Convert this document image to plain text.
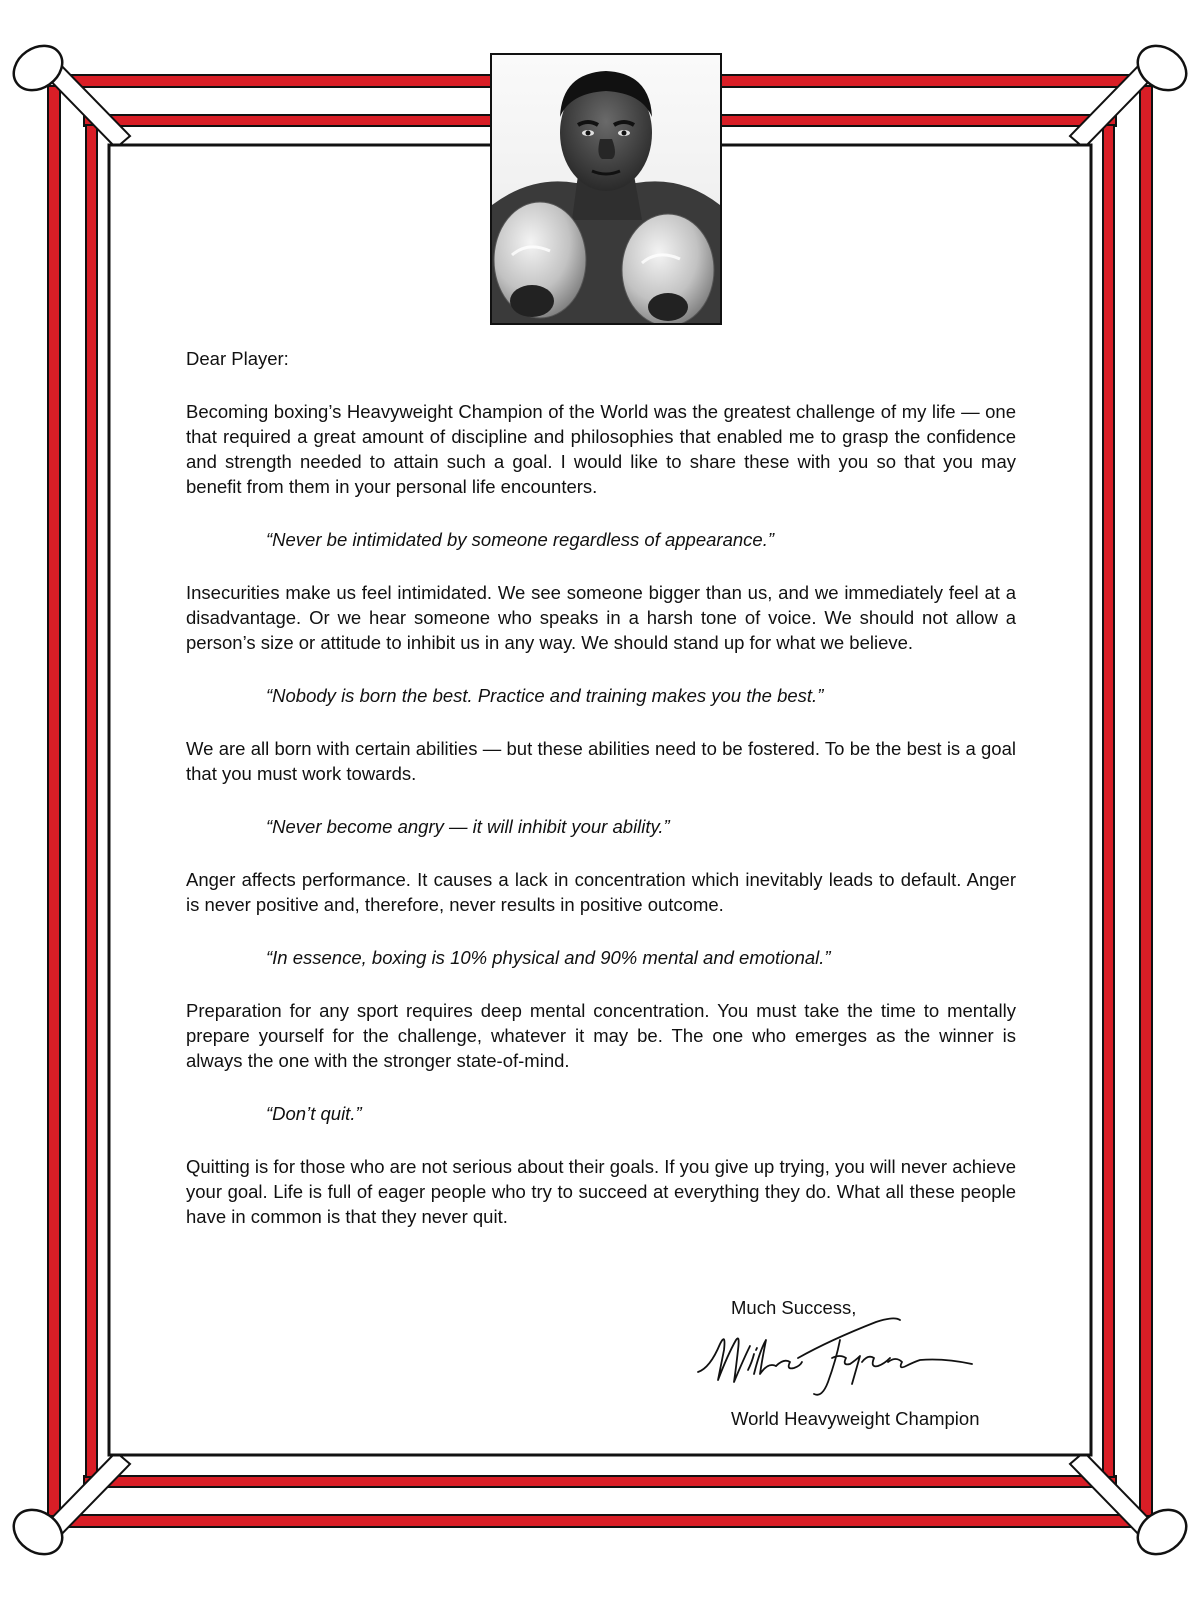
Dear Player:

Becoming boxing’s Heavyweight Champion of the World was the greatest challenge of my life — one that required a great amount of discipline and philosophies that enabled me to grasp the confidence and strength needed to attain such a goal. I would like to share these with you so that you may benefit from them in your personal life encounters.

“Never be intimidated by someone regardless of appearance.”

Insecurities make us feel intimidated. We see someone bigger than us, and we immediately feel at a disadvantage. Or we hear someone who speaks in a harsh tone of voice. We should not allow a person’s size or attitude to inhibit us in any way. We should stand up for what we believe.

“Nobody is born the best. Practice and training makes you the best.”

We are all born with certain abilities — but these abilities need to be fostered. To be the best is a goal that you must work towards.

“Never become angry — it will inhibit your ability.”

Anger affects performance. It causes a lack in concentration which inevitably leads to default. Anger is never positive and, therefore, never results in positive outcome.

“In essence, boxing is 10% physical and 90% mental and emotional.”

Preparation for any sport requires deep mental concentration. You must take the time to mentally prepare yourself for the challenge, whatever it may be. The one who emerges as the winner is always the one with the stronger state-of-mind.

“Don’t quit.”

Quitting is for those who are not serious about their goals. If you give up trying, you will never achieve your goal. Life is full of eager people who try to succeed at everything they do. What all these people have in common is that they never quit.

Much Success,
World Heavyweight Champion
